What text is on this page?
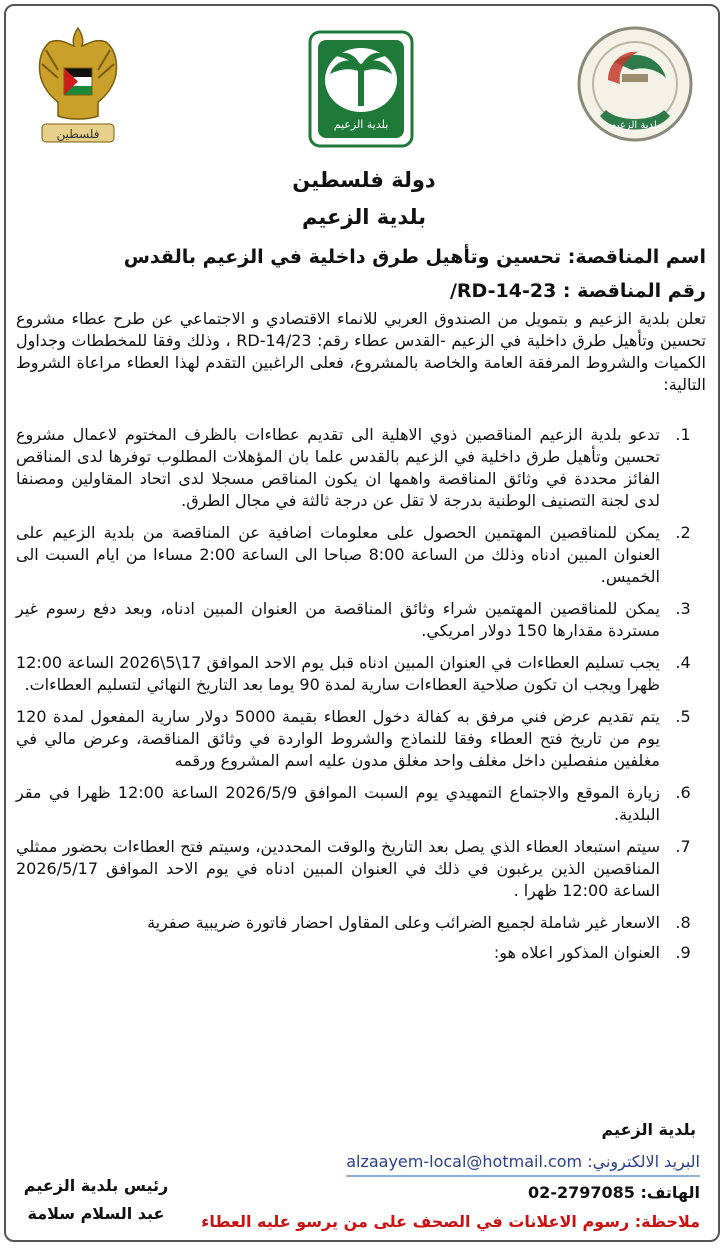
فلسطين
بلدية الزعيم	بلدية الزعيم
دولة فلسطين
بلدية الزعيم
اسم المناقصة: تحسين وتأهيل طرق داخلية في الزعيم بالقدس
رقم المناقصة : RD-14-23/
تعلن بلدية الزعيم و بتمويل من الصندوق العربي للانماء الاقتصادي و الاجتماعي عن طرح عطاء مشروع تحسين وتأهيل طرق داخلية في الزعيم -القدس عطاء رقم: RD-14/23 ، وذلك وفقا للمخططات وجداول الكميات والشروط المرفقة العامة والخاصة بالمشروع، فعلى الراغبين التقدم لهذا العطاء مراعاة الشروط التالية:
1.
تدعو بلدية الزعيم المناقصين ذوي الاهلية الى تقديم عطاءات بالظرف المختوم لاعمال مشروع تحسين وتأهيل طرق داخلية في الزعيم بالقدس علما بان المؤهلات المطلوب توفرها لدى المناقص الفائز محددة في وثائق المناقصة واهمها ان يكون المناقص مسجلا لدى اتحاد المقاولين ومصنفا لدى لجنة التصنيف الوطنية بدرجة لا تقل عن درجة ثالثة في مجال الطرق.
2.
يمكن للمناقصين المهتمين الحصول على معلومات اضافية عن المناقصة من بلدية الزعيم على العنوان المبين ادناه وذلك من الساعة 8:00 صباحا الى الساعة 2:00 مساءا من ايام السبت الى الخميس.
3.
يمكن للمناقصين المهتمين شراء وثائق المناقصة من العنوان المبين ادناه، وبعد دفع رسوم غير مستردة مقدارها 150 دولار امريكي.
4.
يجب تسليم العطاءات في العنوان المبين ادناه قبل يوم الاحد الموافق 17\5\2026 الساعة 12:00 ظهرا ويجب ان تكون صلاحية العطاءات سارية لمدة 90 يوما بعد التاريخ النهائي لتسليم العطاءات.
5.
يتم تقديم عرض فني مرفق به كفالة دخول العطاء بقيمة 5000 دولار سارية المفعول لمدة 120 يوم من تاريخ فتح العطاء وفقا للنماذج والشروط الواردة في وثائق المناقصة، وعرض مالي في مغلفين منفصلين داخل مغلف واحد مغلق مدون عليه اسم المشروع ورقمه
6.
زيارة الموقع والاجتماع التمهيدي يوم السبت الموافق 2026/5/9 الساعة 12:00 ظهرا في مقر البلدية.
7.
سيتم استبعاد العطاء الذي يصل بعد التاريخ والوقت المحددين، وسيتم فتح العطاءات بحضور ممثلي المناقصين الذين يرغبون في ذلك في العنوان المبين ادناه في يوم الاحد الموافق 2026/5/17 الساعة 12:00 ظهرا .
8.
الاسعار غير شاملة لجميع الضرائب وعلى المقاول احضار فاتورة ضريبية صفرية
9.
العنوان المذكور اعلاه هو:
بلدية الزعيم
البريد الالكتروني: alzaayem-local@hotmail.com
الهاتف: 02-2797085
ملاحظة: رسوم الاعلانات في الصحف على من يرسو عليه العطاء
رئيس بلدية الزعيم
عبد السلام سلامة
